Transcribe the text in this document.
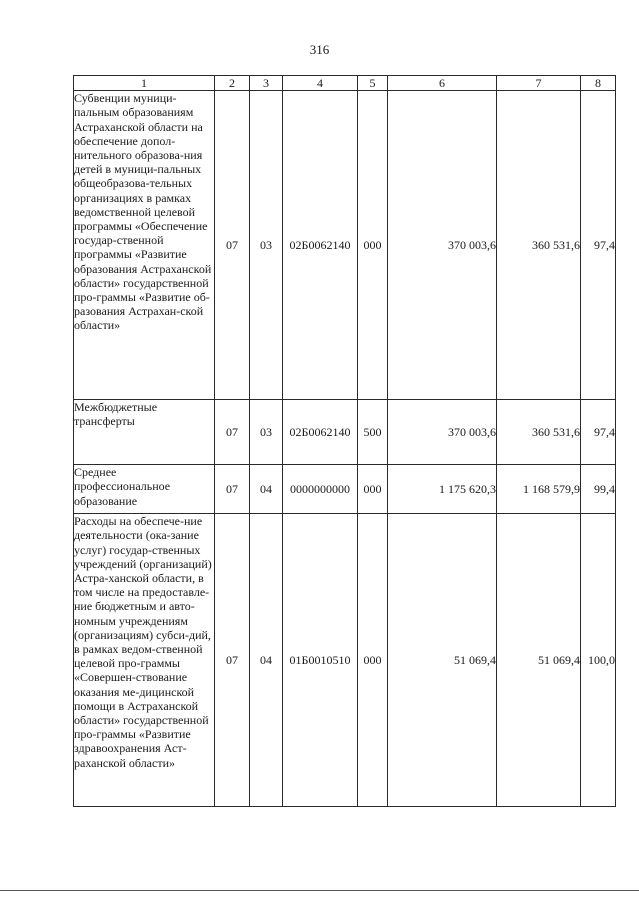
316
1	2	3	4	5	6	7	8
Субвенции муници-пальным образованиям Астраханской области на обеспечение допол-нительного образова-ния детей в муници-пальных общеобразова-тельных организациях в рамках ведомственной целевой программы «Обеспечение государ-ственной программы «Развитие образования Астраханской области» государственной про-граммы «Развитие об-разования Астрахан-ской области»	07	03	02Б0062140	000	370 003,6	360 531,6	97,4
Межбюджетные трансферты	07	03	02Б0062140	500	370 003,6	360 531,6	97,4
Среднее профессиональное образование	07	04	0000000000	000	1 175 620,3	1 168 579,9	99,4
Расходы на обеспече-ние деятельности (ока-зание услуг) государ-ственных учреждений (организаций) Астра-ханской области, в том числе на предоставле-ние бюджетным и авто-номным учреждениям (организациям) субси-дий, в рамках ведом-ственной целевой про-граммы «Совершен-ствование оказания ме-дицинской помощи в Астраханской области» государственной про-граммы «Развитие здравоохранения Аст-раханской области»	07	04	01Б0010510	000	51 069,4	51 069,4	100,0
